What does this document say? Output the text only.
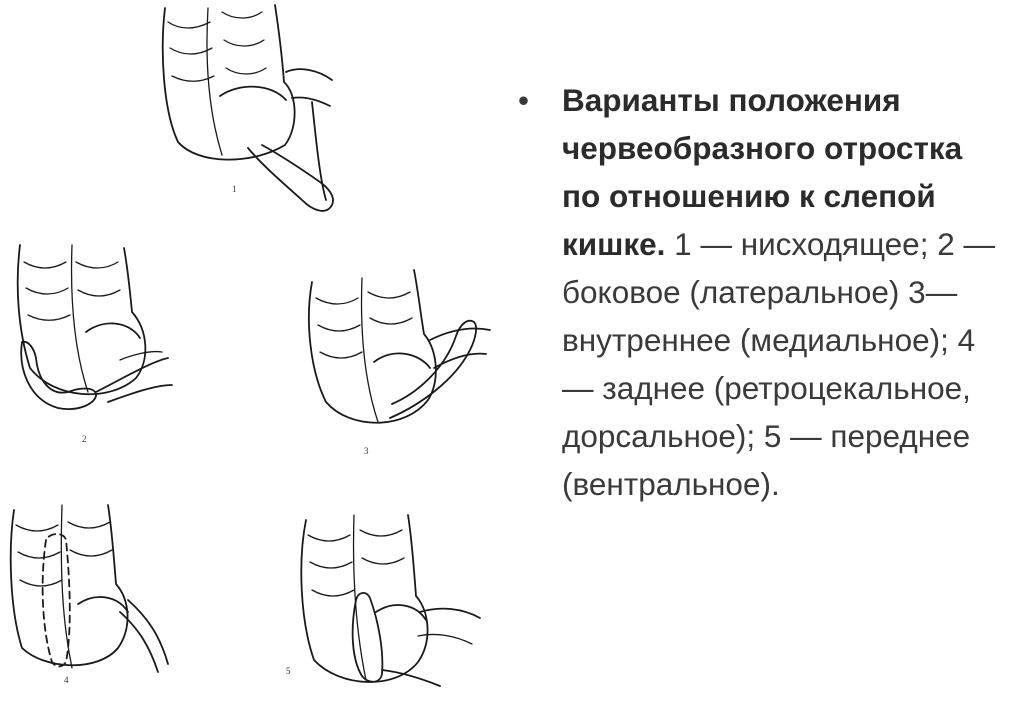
1
2
3
4
5

• Варианты положения червеобразного отростка по отношению к слепой кишке. 1 — нисходящее; 2 — боковое (латеральное) 3— внутреннее (медиальное); 4 — заднее (ретроцекальное, дорсальное); 5 — переднее (вентральное).
